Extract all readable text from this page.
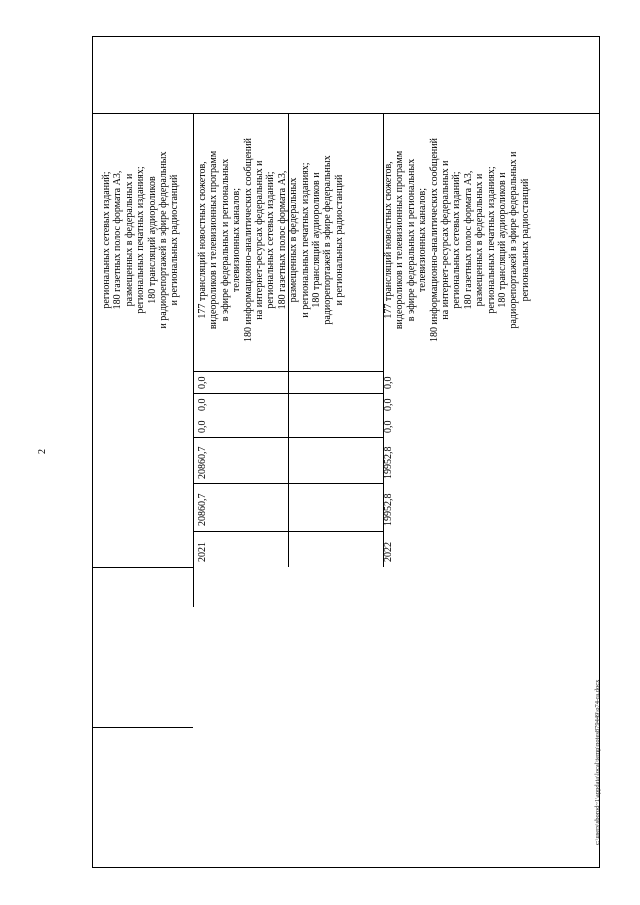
2
региональных сетевых изданий; 180 газетных полос формата А3, размещенных в федеральных и региональных печатных изданиях; 180 трансляций аудиороликов и радиорепортажей в эфире федеральных и региональных радиостанций
2021
20860,7
20860,7
0,0
0,0
0,0
177 трансляций новостных сюжетов, видеороликов и телевизионных программ в эфире федеральных и региональных телевизионных каналов; 180 информационно-аналитических сообщений на интернет-ресурсах федеральных и региональных сетевых изданий; 180 газетных полос формата А3, размещенных в федеральных и региональных печатных изданиях; 180 трансляций аудиороликов и радиорепортажей в эфире федеральных и региональных радиостанций
2022
19952,8
19952,8
0,0
0,0
0,0
177 трансляций новостных сюжетов, видеороликов и телевизионных программ в эфире федеральных и региональных телевизионных каналов; 180 информационно-аналитических сообщений на интернет-ресурсах федеральных и региональных сетевых изданий; 180 газетных полос формата А3, размещенных в федеральных и региональных печатных изданиях; 180 трансляций аудиороликов и радиорепортажей в эфире федеральных и региональных радиостанций
c:\users\sborod~1\appdata\local\temp\notes879449\o74-ra.docx
